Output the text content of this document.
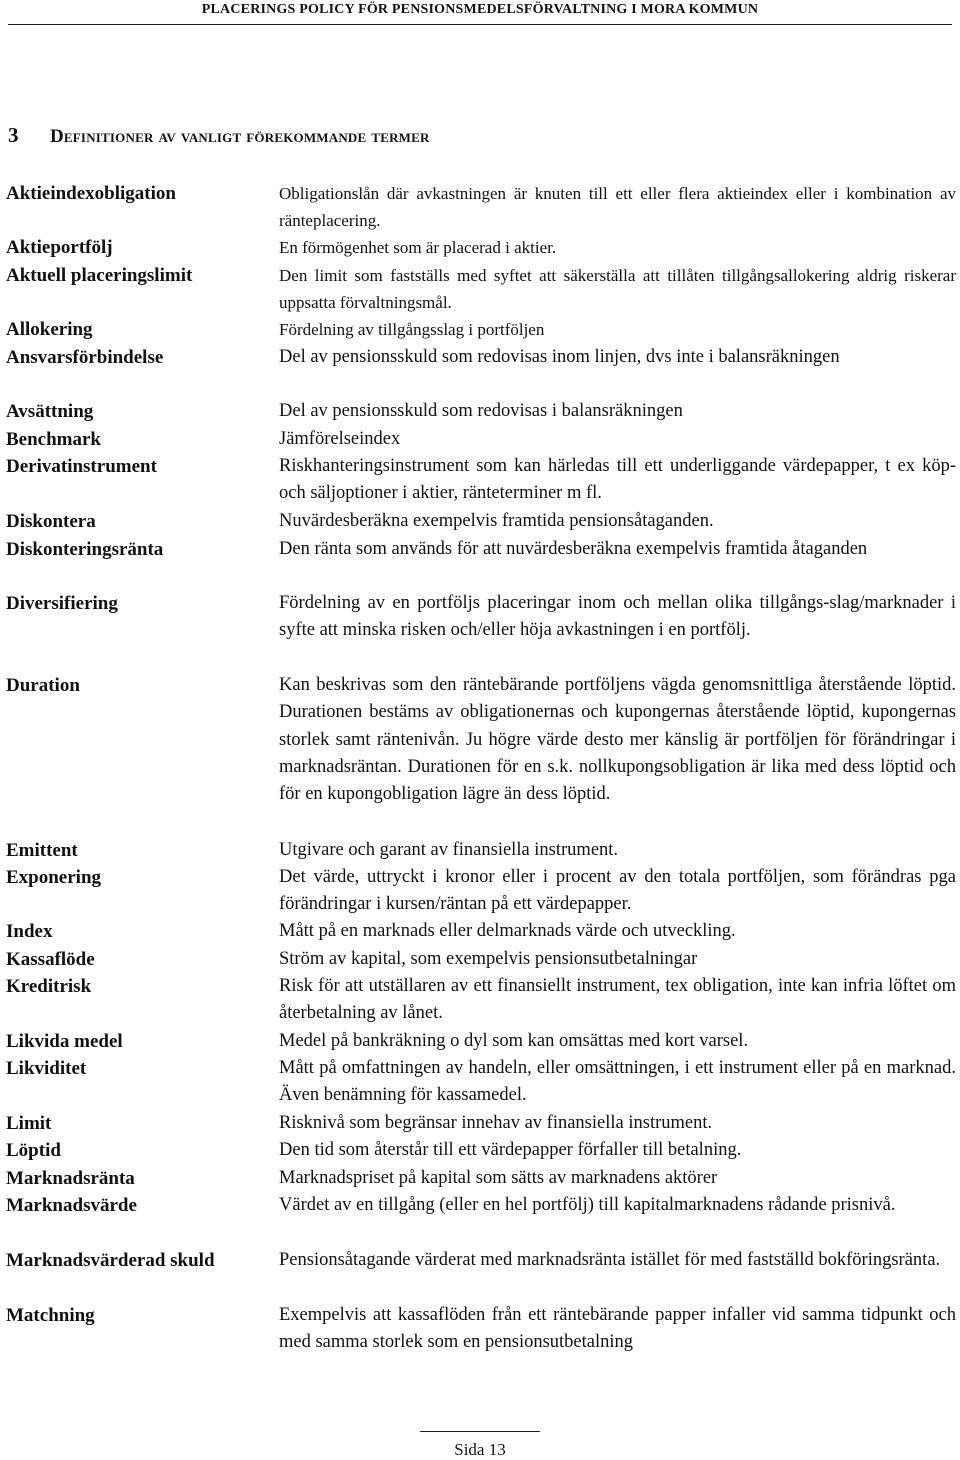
PLACERINGS POLICY FÖR PENSIONSMEDELSFÖRVALTNING I MORA KOMMUN
3 Definitioner av vanligt förekommande termer
Aktieindexobligation	Obligationslån där avkastningen är knuten till ett eller flera aktieindex eller i kombination av ränteplacering.
Aktieportfölj	En förmögenhet som är placerad i aktier.
Aktuell placeringslimit	Den limit som fastställs med syftet att säkerställa att tillåten tillgångsallokering aldrig riskerar uppsatta förvaltningsmål.
Allokering	Fördelning av tillgångsslag i portföljen
Ansvarsförbindelse	Del av pensionsskuld som redovisas inom linjen, dvs inte i balansräkningen
Avsättning	Del av pensionsskuld som redovisas i balansräkningen
Benchmark	Jämförelseindex
Derivatinstrument	Riskhanteringsinstrument som kan härledas till ett underliggande värdepapper, t ex köp- och säljoptioner i aktier, ränteterminer m fl.
Diskontera	Nuvärdesberäkna exempelvis framtida pensionsåtaganden.
Diskonteringsränta	Den ränta som används för att nuvärdesberäkna exempelvis framtida åtaganden
Diversifiering	Fördelning av en portföljs placeringar inom och mellan olika tillgångs-slag/marknader i syfte att minska risken och/eller höja avkastningen i en portfölj.
Duration	Kan beskrivas som den räntebärande portföljens vägda genomsnittliga återstående löptid. Durationen bestäms av obligationernas och kupongernas återstående löptid, kupongernas storlek samt räntenivån. Ju högre värde desto mer känslig är portföljen för förändringar i marknadsräntan. Durationen för en s.k. nollkupongsobligation är lika med dess löptid och för en kupongobligation lägre än dess löptid.
Emittent	Utgivare och garant av finansiella instrument.
Exponering	Det värde, uttryckt i kronor eller i procent av den totala portföljen, som förändras pga förändringar i kursen/räntan på ett värdepapper.
Index	Mått på en marknads eller delmarknads värde och utveckling.
Kassaflöde	Ström av kapital, som exempelvis pensionsutbetalningar
Kreditrisk	Risk för att utställaren av ett finansiellt instrument, tex obligation, inte kan infria löftet om återbetalning av lånet.
Likvida medel	Medel på bankräkning o dyl som kan omsättas med kort varsel.
Likviditet	Mått på omfattningen av handeln, eller omsättningen, i ett instrument eller på en marknad. Även benämning för kassamedel.
Limit	Risknivå som begränsar innehav av finansiella instrument.
Löptid	Den tid som återstår till ett värdepapper förfaller till betalning.
Marknadsränta	Marknadspriset på kapital som sätts av marknadens aktörer
Marknadsvärde	Värdet av en tillgång (eller en hel portfölj) till kapitalmarknadens rådande prisnivå.
Marknadsvärderad skuld	Pensionsåtagande värderat med marknadsränta istället för med fastställd bokföringsränta.
Matchning	Exempelvis att kassaflöden från ett räntebärande papper infaller vid samma tidpunkt och med samma storlek som en pensionsutbetalning
Sida 13
